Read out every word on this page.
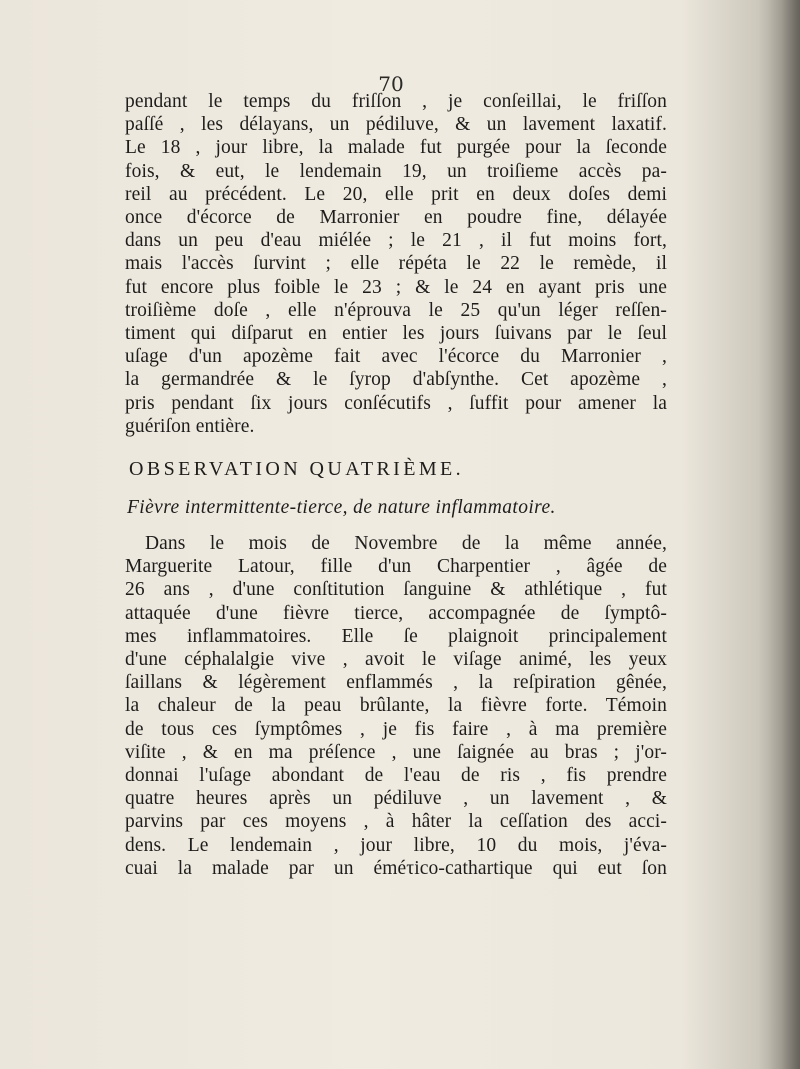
70
pendant le temps du friſſon , je conſeillai, le friſſon
paſſé , les délayans, un pédiluve, & un lavement laxatif.
Le 18 , jour libre, la malade fut purgée pour la ſeconde
fois, & eut, le lendemain 19, un troiſieme accès pa-
reil au précédent. Le 20, elle prit en deux doſes demi
once d'écorce de Marronier en poudre fine, délayée
dans un peu d'eau miélée ; le 21 , il fut moins fort,
mais l'accès ſurvint ; elle répéta le 22 le remède, il
fut encore plus foible le 23 ; & le 24 en ayant pris une
troiſième doſe , elle n'éprouva le 25 qu'un léger reſſen-
timent qui diſparut en entier les jours ſuivans par le ſeul
uſage d'un apozème fait avec l'écorce du Marronier ,
la germandrée & le ſyrop d'abſynthe. Cet apozème ,
pris pendant ſix jours conſécutifs , ſuffit pour amener la
guériſon entière.
OBSERVATION QUATRIÈME.
Fièvre intermittente-tierce, de nature inflammatoire.
Dans le mois de Novembre de la même année,
Marguerite Latour, fille d'un Charpentier , âgée de
26 ans , d'une conſtitution ſanguine & athlétique , fut
attaquée d'une fièvre tierce, accompagnée de ſymptô-
mes inflammatoires. Elle ſe plaignoit principalement
d'une céphalalgie vive , avoit le viſage animé, les yeux
ſaillans & légèrement enflammés , la reſpiration gênée,
la chaleur de la peau brûlante, la fièvre forte. Témoin
de tous ces ſymptômes , je fis faire , à ma première
viſite , & en ma préſence , une ſaignée au bras ; j'or-
donnai l'uſage abondant de l'eau de ris , fis prendre
quatre heures après un pédiluve , un lavement , &
parvins par ces moyens , à hâter la ceſſation des acci-
dens. Le lendemain , jour libre, 10 du mois, j'éva-
cuai la malade par un éméτico-cathartique qui eut ſon
